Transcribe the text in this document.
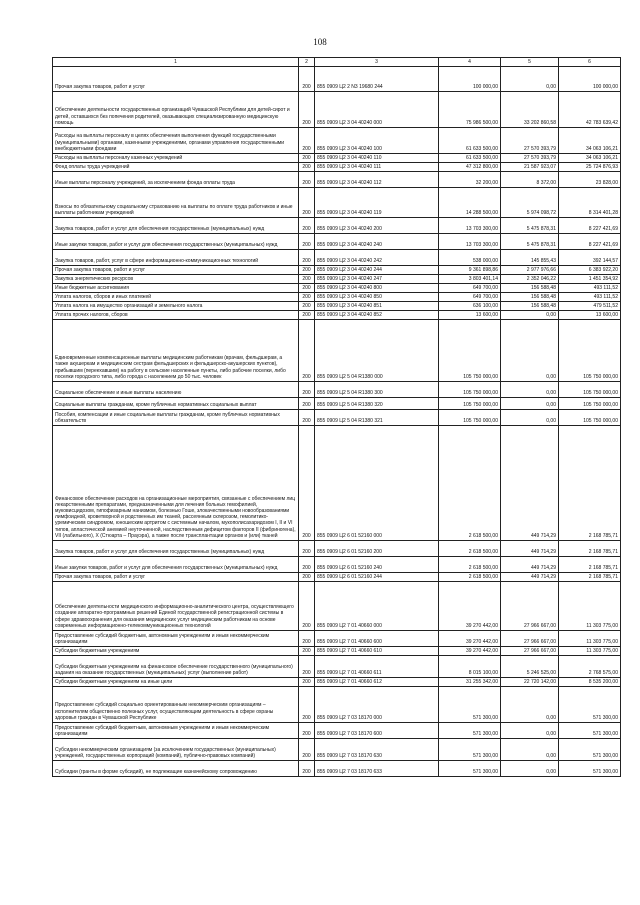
108
1	2	3	4	5	6
Прочая закупка товаров, работ и услуг	200	855 0909 Ц2 2 N3 19680 244	100 000,00	0,00	100 000,00
Обеспечение деятельности государственных организаций Чувашской Республики для детей-сирот и детей, оставшихся без попечения родителей, оказывающих специализированную медицинскую помощь	200	855 0909 Ц2 3 04 40240 000	75 986 500,00	33 202 860,58	42 783 639,42
Расходы на выплаты персоналу в целях обеспечения выполнения функций государственными (муниципальными) органами, казенными учреждениями, органами управления государственными внебюджетными фондами	200	855 0909 Ц2 3 04 40240 100	61 633 500,00	27 570 393,79	34 063 106,21
Расходы на выплаты персоналу казенных учреждений	200	855 0909 Ц2 3 04 40240 110	61 633 500,00	27 570 393,79	34 063 106,21
Фонд оплаты труда учреждений	200	855 0909 Ц2 3 04 40240 111	47 312 800,00	21 587 923,07	25 724 876,93
Иные выплаты персоналу учреждений, за исключением фонда оплаты труда	200	855 0909 Ц2 3 04 40240 112	32 200,00	8 372,00	23 828,00
Взносы по обязательному социальному страхованию на выплаты по оплате труда работников и иные выплаты работникам учреждений	200	855 0909 Ц2 3 04 40240 119	14 288 500,00	5 974 098,72	8 314 401,28
Закупка товаров, работ и услуг для обеспечения государственных (муниципальных) нужд	200	855 0909 Ц2 3 04 40240 200	13 703 300,00	5 475 878,31	8 227 421,69
Иные закупки товаров, работ и услуг для обеспечения государственных (муниципальных) нужд	200	855 0909 Ц2 3 04 40240 240	13 703 300,00	5 475 878,31	8 227 421,69
Закупка товаров, работ, услуг в сфере информационно-коммуникационных технологий	200	855 0909 Ц2 3 04 40240 242	538 000,00	145 855,43	392 144,57
Прочая закупка товаров, работ и услуг	200	855 0909 Ц2 3 04 40240 244	9 361 898,86	2 977 976,66	6 383 922,20
Закупка энергетических ресурсов	200	855 0909 Ц2 3 04 40240 247	3 803 401,14	2 352 046,22	1 451 354,92
Иные бюджетные ассигнования	200	855 0909 Ц2 3 04 40240 800	649 700,00	156 588,48	493 111,52
Уплата налогов, сборов и иных платежей	200	855 0909 Ц2 3 04 40240 850	649 700,00	156 588,48	493 111,52
Уплата налога на имущество организаций и земельного налога	200	855 0909 Ц2 3 04 40240 851	636 100,00	156 588,48	479 511,52
Уплата прочих налогов, сборов	200	855 0909 Ц2 3 04 40240 852	13 600,00	0,00	13 600,00
Единовременные компенсационные выплаты медицинским работникам (врачам, фельдшерам, а также акушеркам и медицинским сестрам фельдшерских и фельдшерско-акушерских пунктов), прибывшим (переехавшим) на работу в сельские населенные пункты, либо рабочие поселки, либо поселки городского типа, либо города с населением до 50 тыс. человек	200	855 0909 Ц2 5 04 R1380 000	105 750 000,00	0,00	105 750 000,00
Социальное обеспечение и иные выплаты населению	200	855 0909 Ц2 5 04 R1380 300	105 750 000,00	0,00	105 750 000,00
Социальные выплаты гражданам, кроме публичных нормативных социальных выплат	200	855 0909 Ц2 5 04 R1380 320	105 750 000,00	0,00	105 750 000,00
Пособия, компенсации и иные социальные выплаты гражданам, кроме публичных нормативных обязательств	200	855 0909 Ц2 5 04 R1380 321	105 750 000,00	0,00	105 750 000,00
Финансовое обеспечение расходов на организационные мероприятия, связанные с обеспечением лиц лекарственными препаратами, предназначенными для лечения больных гемофилией, муковисцидозом, гипофизарным нанизмом, болезнью Гоше, злокачественными новообразованиями лимфоидной, кроветворной и родственных им тканей, рассеянным склерозом, гемолитико-уремическим синдромом, юношеским артритом с системным началом, мукополисахаридозом I, II и VI типов, апластической анемией неуточненной, наследственным дефицитом факторов II (фибриногена), VII (лабильного), X (Стюарта – Прауэра), а также после трансплантации органов и (или) тканей	200	855 0909 Ц2 6 01 52160 000	2 618 500,00	449 714,29	2 168 785,71
Закупка товаров, работ и услуг для обеспечения государственных (муниципальных) нужд	200	855 0909 Ц2 6 01 52160 200	2 618 500,00	449 714,29	2 168 785,71
Иные закупки товаров, работ и услуг для обеспечения государственных (муниципальных) нужд	200	855 0909 Ц2 6 01 52160 240	2 618 500,00	449 714,29	2 168 785,71
Прочая закупка товаров, работ и услуг	200	855 0909 Ц2 6 01 52160 244	2 618 500,00	449 714,29	2 168 785,71
Обеспечение деятельности медицинского информационно-аналитического центра, осуществляющего создание аппаратно-программных решений Единой государственной регистрационной системы в сфере здравоохранения для оказания медицинских услуг медицинским работникам на основе современных информационно-телекоммуникационных технологий	200	855 0909 Ц2 7 01 40660 000	39 270 442,00	27 966 667,00	11 303 775,00
Предоставление субсидий бюджетным, автономным учреждениям и иным некоммерческим организациям	200	855 0909 Ц2 7 01 40660 600	39 270 442,00	27 966 667,00	11 303 775,00
Субсидии бюджетным учреждениям	200	855 0909 Ц2 7 01 40660 610	39 270 442,00	27 966 667,00	11 303 775,00
Субсидии бюджетным учреждениям на финансовое обеспечение государственного (муниципального) задания на оказание государственных (муниципальных) услуг (выполнение работ)	200	855 0909 Ц2 7 01 40660 611	8 015 100,00	5 246 525,00	2 768 575,00
Субсидии бюджетным учреждениям на иные цели	200	855 0909 Ц2 7 01 40660 612	31 255 342,00	22 720 142,00	8 535 200,00
Предоставление субсидий социально ориентированным некоммерческим организациям – исполнителям общественно полезных услуг, осуществляющим деятельность в сфере охраны здоровья граждан в Чувашской Республике	200	855 0909 Ц2 7 03 18170 000	571 300,00	0,00	571 300,00
Предоставление субсидий бюджетным, автономным учреждениям и иным некоммерческим организациям	200	855 0909 Ц2 7 03 18170 600	571 300,00	0,00	571 300,00
Субсидии некоммерческим организациям (за исключением государственных (муниципальных) учреждений, государственных корпораций (компаний), публично-правовых компаний)	200	855 0909 Ц2 7 03 18170 630	571 300,00	0,00	571 300,00
Субсидии (гранты в форме субсидий), не подлежащие казначейскому сопровождению	200	855 0909 Ц2 7 03 18170 633	571 300,00	0,00	571 300,00
